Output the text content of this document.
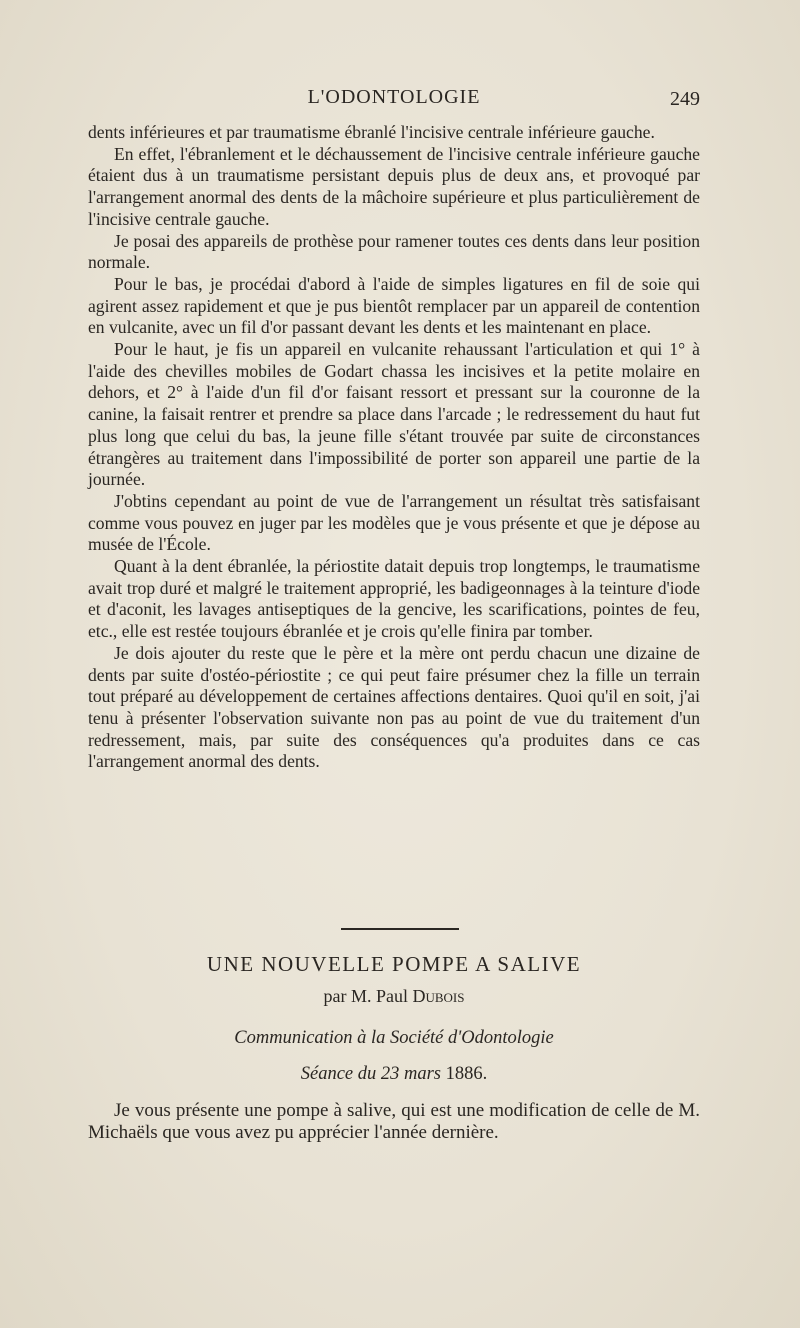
L'ODONTOLOGIE	249

dents inférieures et par traumatisme ébranlé l'incisive centrale inférieure gauche.

En effet, l'ébranlement et le déchaussement de l'incisive centrale inférieure gauche étaient dus à un traumatisme persistant depuis plus de deux ans, et provoqué par l'arrangement anormal des dents de la mâchoire supérieure et plus particulièrement de l'incisive centrale gauche.

Je posai des appareils de prothèse pour ramener toutes ces dents dans leur position normale.

Pour le bas, je procédai d'abord à l'aide de simples ligatures en fil de soie qui agirent assez rapidement et que je pus bientôt remplacer par un appareil de contention en vulcanite, avec un fil d'or passant devant les dents et les maintenant en place.

Pour le haut, je fis un appareil en vulcanite rehaussant l'articulation et qui 1° à l'aide des chevilles mobiles de Godart chassa les incisives et la petite molaire en dehors, et 2° à l'aide d'un fil d'or faisant ressort et pressant sur la couronne de la canine, la faisait rentrer et prendre sa place dans l'arcade ; le redressement du haut fut plus long que celui du bas, la jeune fille s'étant trouvée par suite de circonstances étrangères au traitement dans l'impossibilité de porter son appareil une partie de la journée.

J'obtins cependant au point de vue de l'arrangement un résultat très satisfaisant comme vous pouvez en juger par les modèles que je vous présente et que je dépose au musée de l'École.

Quant à la dent ébranlée, la périostite datait depuis trop longtemps, le traumatisme avait trop duré et malgré le traitement approprié, les badigeonnages à la teinture d'iode et d'aconit, les lavages antiseptiques de la gencive, les scarifications, pointes de feu, etc., elle est restée toujours ébranlée et je crois qu'elle finira par tomber.

Je dois ajouter du reste que le père et la mère ont perdu chacun une dizaine de dents par suite d'ostéo-périostite ; ce qui peut faire présumer chez la fille un terrain tout préparé au développement de certaines affections dentaires. Quoi qu'il en soit, j'ai tenu à présenter l'observation suivante non pas au point de vue du traitement d'un redressement, mais, par suite des conséquences qu'a produites dans ce cas l'arrangement anormal des dents.

UNE NOUVELLE POMPE A SALIVE
par M. Paul Dubois
Communication à la Société d'Odontologie
Séance du 23 mars 1886.

Je vous présente une pompe à salive, qui est une modification de celle de M. Michaëls que vous avez pu apprécier l'année dernière.
